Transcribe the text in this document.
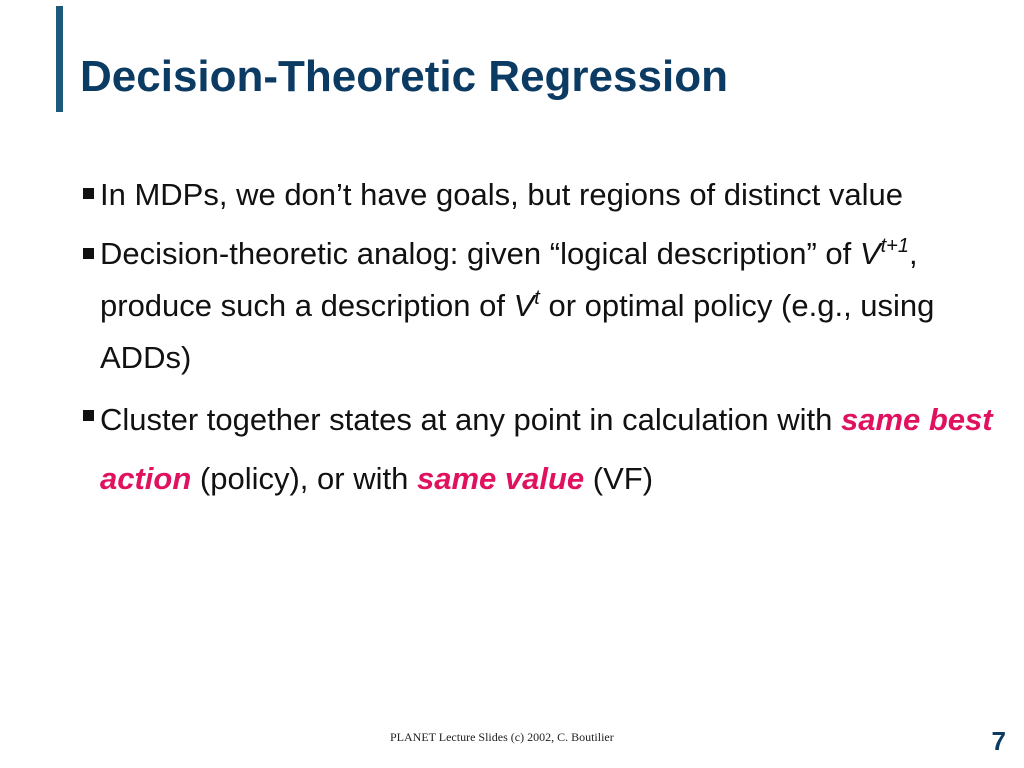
Decision-Theoretic Regression
In MDPs, we don’t have goals, but regions of distinct value
Decision-theoretic analog: given “logical description” of $V^{t+1}$, produce such a description of $V^t$ or optimal policy (e.g., using ADDs)
Cluster together states at any point in calculation with same best action (policy), or with same value (VF)
PLANET Lecture Slides (c) 2002, C. Boutilier	7
